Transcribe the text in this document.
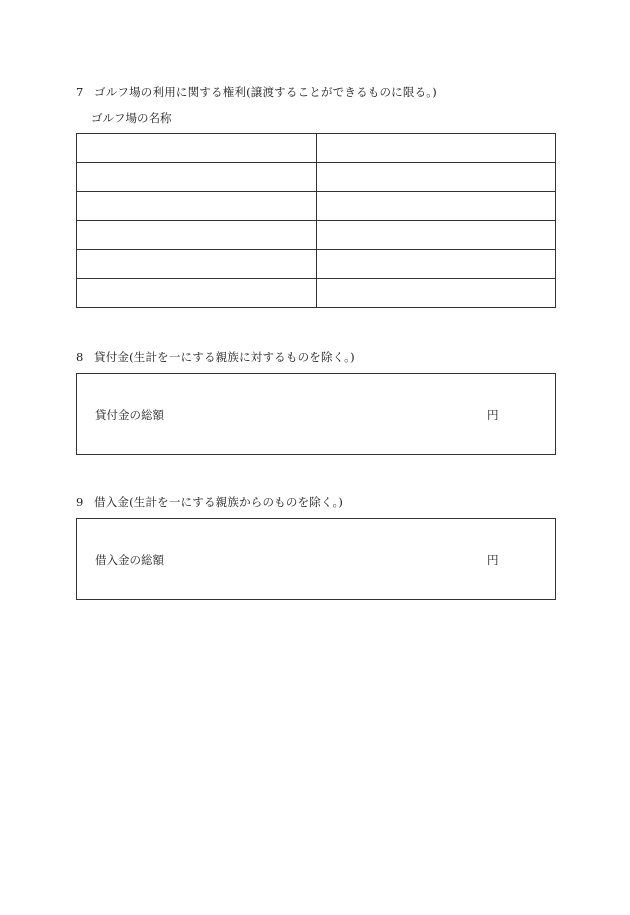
7 ゴルフ場の利用に関する権利(譲渡することができるものに限る。)
ゴルフ場の名称

8 貸付金(生計を一にする親族に対するものを除く。)
貸付金の総額	円
9 借入金(生計を一にする親族からのものを除く。)
借入金の総額	円
